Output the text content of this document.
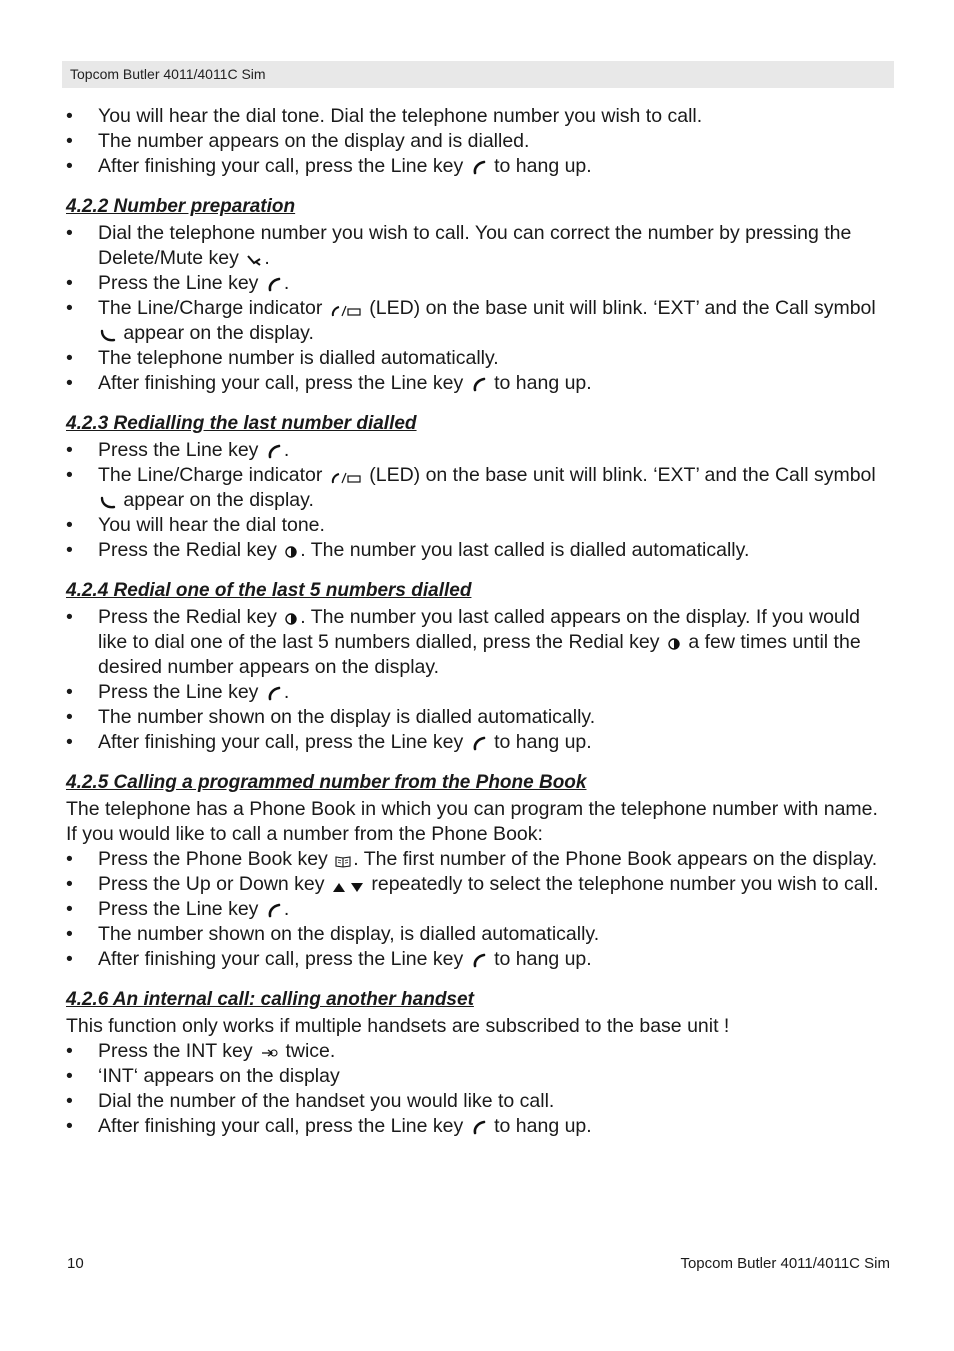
Topcom Butler 4011/4011C Sim
• You will hear the dial tone. Dial the telephone number you wish to call.
• The number appears on the display and is dialled.
• After finishing your call, press the Line key to hang up.
4.2.2 Number preparation
• Dial the telephone number you wish to call. You can correct the number by pressing the Delete/Mute key .
• Press the Line key .
• The Line/Charge indicator (LED) on the base unit will blink. ‘EXT’ and the Call symbol
appear on the display.
• The telephone number is dialled automatically.
• After finishing your call, press the Line key to hang up.
4.2.3 Redialling the last number dialled
• Press the Line key .
• The Line/Charge indicator (LED) on the base unit will blink. ‘EXT’ and the Call symbol
appear on the display.
• You will hear the dial tone.
• Press the Redial key . The number you last called is dialled automatically.
4.2.4 Redial one of the last 5 numbers dialled
• Press the Redial key . The number you last called appears on the display. If you would like to dial one of the last 5 numbers dialled, press the Redial key a few times until the desired number appears on the display.
• Press the Line key .
• The number shown on the display is dialled automatically.
• After finishing your call, press the Line key to hang up.
4.2.5 Calling a programmed number from the Phone Book

The telephone has a Phone Book in which you can program the telephone number with name. If you would like to call a number from the Phone Book:

• Press the Phone Book key . The first number of the Phone Book appears on the display.
• Press the Up or Down key repeatedly to select the telephone number you wish to call.
• Press the Line key .
• The number shown on the display, is dialled automatically.
• After finishing your call, press the Line key to hang up.
4.2.6 An internal call: calling another handset

This function only works if multiple handsets are subscribed to the base unit !

• Press the INT key twice.
• ‘INT‘ appears on the display
• Dial the number of the handset you would like to call.
• After finishing your call, press the Line key to hang up.
10	Topcom Butler 4011/4011C Sim
